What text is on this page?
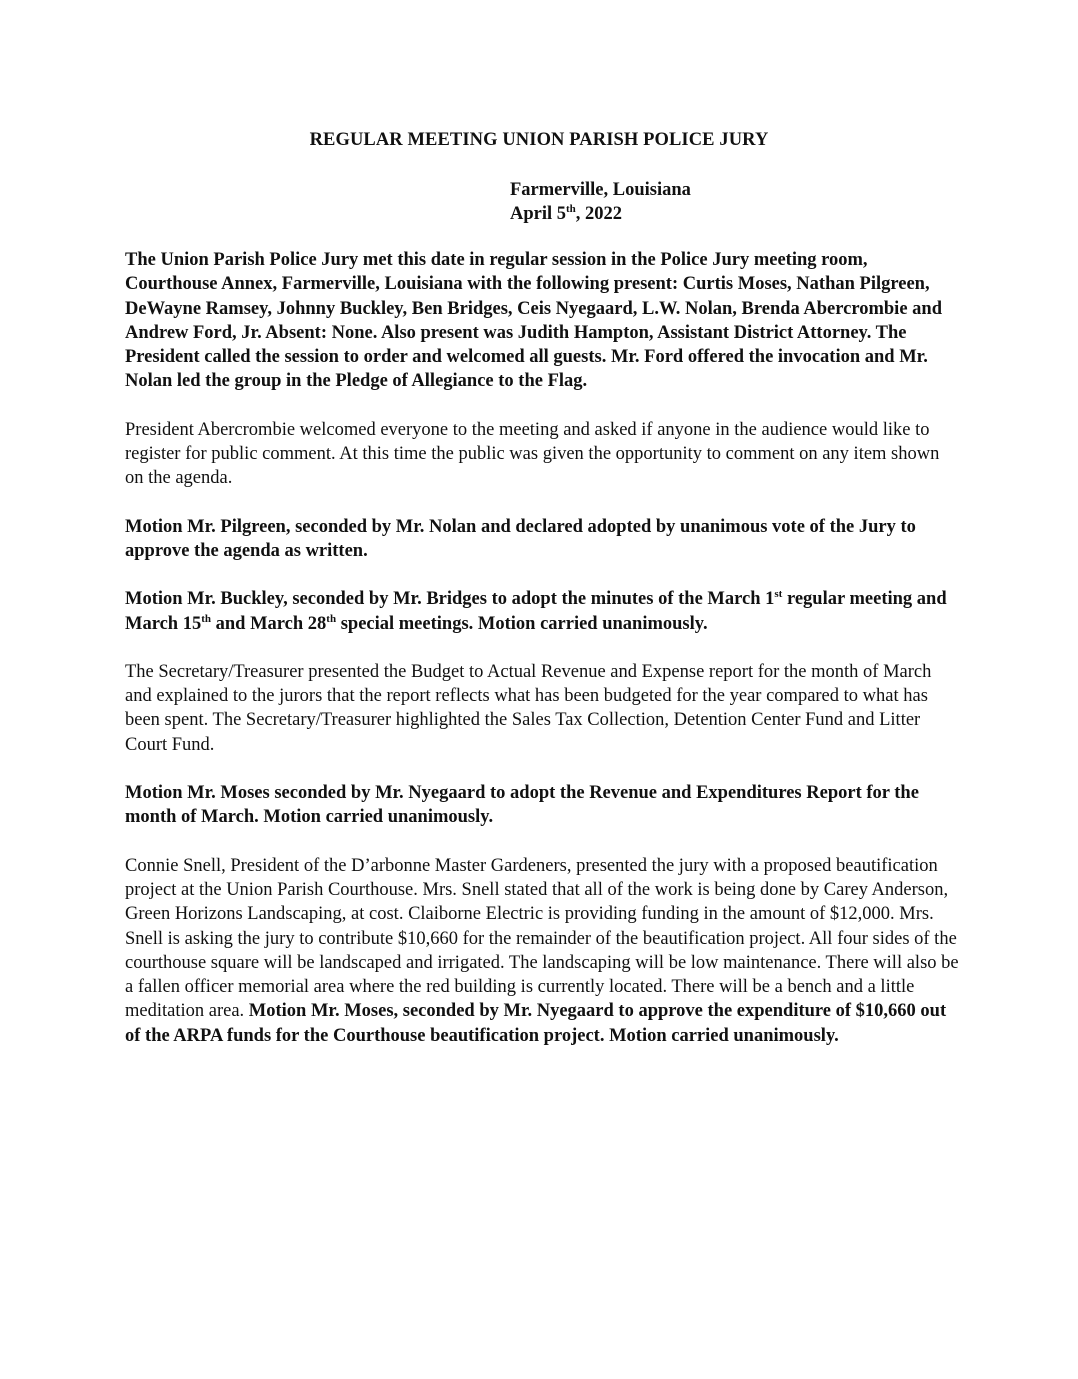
REGULAR MEETING UNION PARISH POLICE JURY
Farmerville, Louisiana
April 5th, 2022

The Union Parish Police Jury met this date in regular session in the Police Jury meeting room, Courthouse Annex, Farmerville, Louisiana with the following present: Curtis Moses, Nathan Pilgreen, DeWayne Ramsey, Johnny Buckley, Ben Bridges, Ceis Nyegaard, L.W. Nolan, Brenda Abercrombie and Andrew Ford, Jr. Absent: None. Also present was Judith Hampton, Assistant District Attorney. The President called the session to order and welcomed all guests. Mr. Ford offered the invocation and Mr. Nolan led the group in the Pledge of Allegiance to the Flag.

President Abercrombie welcomed everyone to the meeting and asked if anyone in the audience would like to register for public comment. At this time the public was given the opportunity to comment on any item shown on the agenda.

Motion Mr. Pilgreen, seconded by Mr. Nolan and declared adopted by unanimous vote of the Jury to approve the agenda as written.

Motion Mr. Buckley, seconded by Mr. Bridges to adopt the minutes of the March 1st regular meeting and March 15th and March 28th special meetings. Motion carried unanimously.

The Secretary/Treasurer presented the Budget to Actual Revenue and Expense report for the month of March and explained to the jurors that the report reflects what has been budgeted for the year compared to what has been spent. The Secretary/Treasurer highlighted the Sales Tax Collection, Detention Center Fund and Litter Court Fund.

Motion Mr. Moses seconded by Mr. Nyegaard to adopt the Revenue and Expenditures Report for the month of March. Motion carried unanimously.

Connie Snell, President of the D’arbonne Master Gardeners, presented the jury with a proposed beautification project at the Union Parish Courthouse. Mrs. Snell stated that all of the work is being done by Carey Anderson, Green Horizons Landscaping, at cost. Claiborne Electric is providing funding in the amount of $12,000. Mrs. Snell is asking the jury to contribute $10,660 for the remainder of the beautification project. All four sides of the courthouse square will be landscaped and irrigated. The landscaping will be low maintenance. There will also be a fallen officer memorial area where the red building is currently located. There will be a bench and a little meditation area. Motion Mr. Moses, seconded by Mr. Nyegaard to approve the expenditure of $10,660 out of the ARPA funds for the Courthouse beautification project. Motion carried unanimously.
